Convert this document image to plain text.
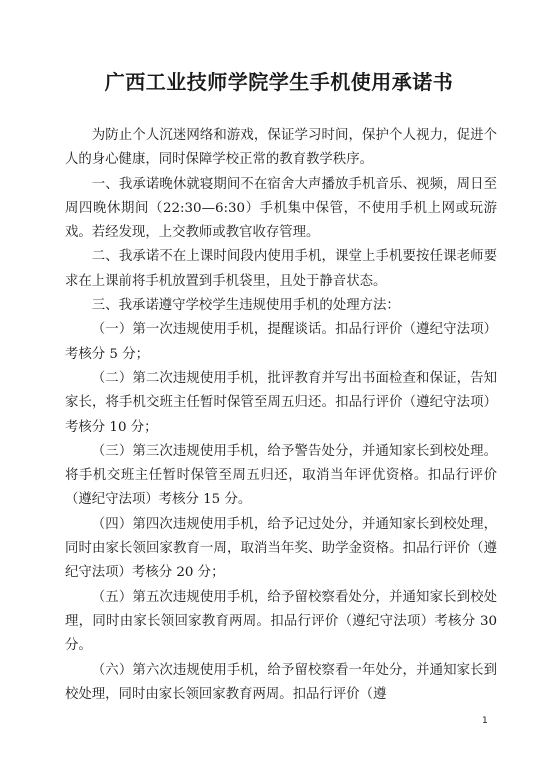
广西工业技师学院学生手机使用承诺书

为防止个人沉迷网络和游戏，保证学习时间，保护个人视力，促进个人的身心健康，同时保障学校正常的教育教学秩序。

一、我承诺晚休就寝期间不在宿舍大声播放手机音乐、视频，周日至周四晚休期间（22:30—6:30）手机集中保管，不使用手机上网或玩游戏。若经发现，上交教师或教官收存管理。

二、我承诺不在上课时间段内使用手机，课堂上手机要按任课老师要求在上课前将手机放置到手机袋里，且处于静音状态。

三、我承诺遵守学校学生违规使用手机的处理方法：

（一）第一次违规使用手机，提醒谈话。扣品行评价（遵纪守法项）考核分 5 分；

（二）第二次违规使用手机，批评教育并写出书面检查和保证，告知家长，将手机交班主任暂时保管至周五归还。扣品行评价（遵纪守法项）考核分 10 分；

（三）第三次违规使用手机，给予警告处分，并通知家长到校处理。将手机交班主任暂时保管至周五归还，取消当年评优资格。扣品行评价（遵纪守法项）考核分 15 分。

（四）第四次违规使用手机，给予记过处分，并通知家长到校处理，同时由家长领回家教育一周，取消当年奖、助学金资格。扣品行评价（遵纪守法项）考核分 20 分；

（五）第五次违规使用手机，给予留校察看处分，并通知家长到校处理，同时由家长领回家教育两周。扣品行评价（遵纪守法项）考核分 30 分。

（六）第六次违规使用手机，给予留校察看一年处分，并通知家长到校处理，同时由家长领回家教育两周。扣品行评价（遵

1
